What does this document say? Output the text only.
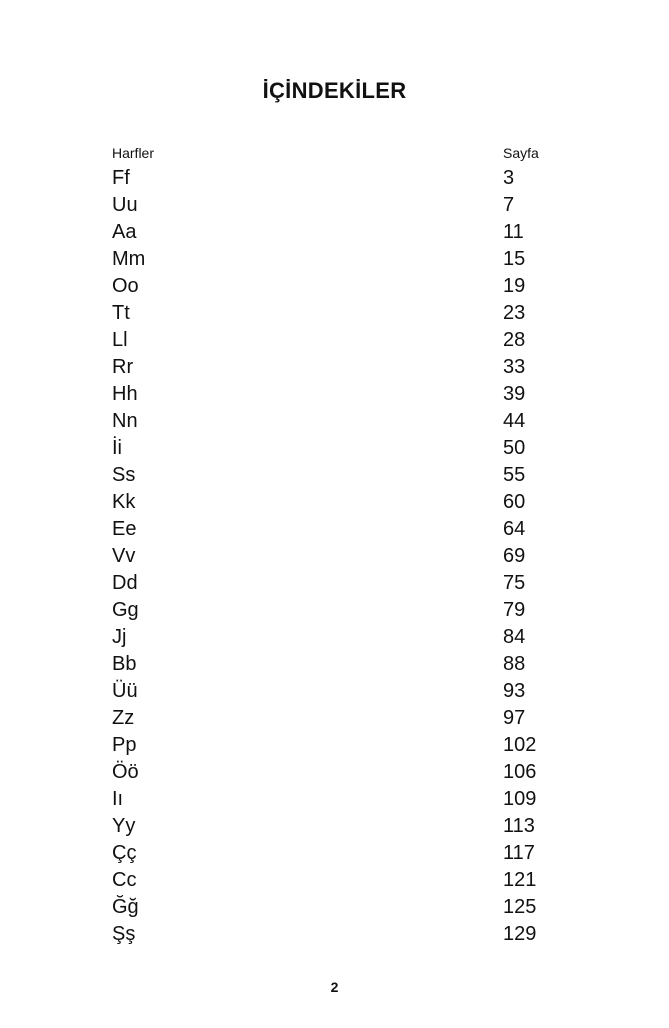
İÇİNDEKİLER
Harfler	Sayfa
Ff	3
Uu	7
Aa	11
Mm	15
Oo	19
Tt	23
Ll	28
Rr	33
Hh	39
Nn	44
İi	50
Ss	55
Kk	60
Ee	64
Vv	69
Dd	75
Gg	79
Jj	84
Bb	88
Üü	93
Zz	97
Pp	102
Öö	106
Iı	109
Yy	113
Çç	117
Cc	121
Ğğ	125
Şş	129
2
